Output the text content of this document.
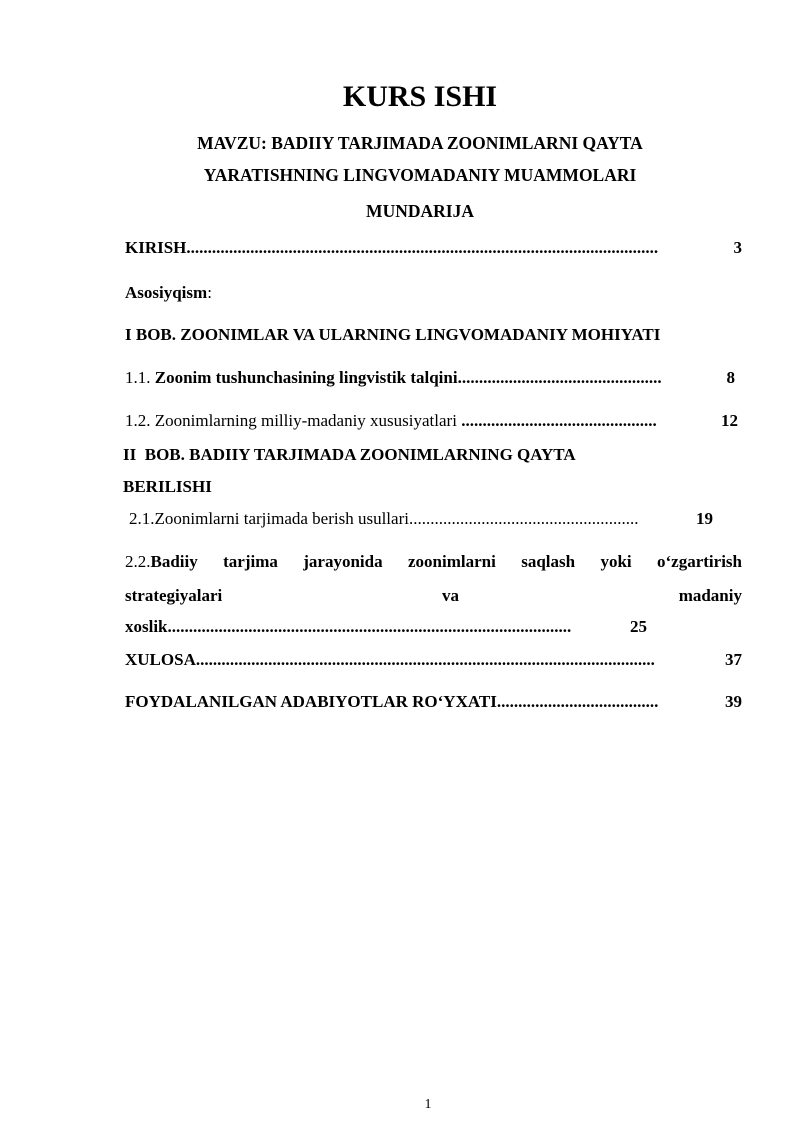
KURS ISHI
MAVZU: BADIIY TARJIMADA ZOONIMLARNI QAYTA
YARATISHNING LINGVOMADANIY MUAMMOLARI
MUNDARIJA
KIRISH ...............................................................................................................	3
Asosiyqism:
I BOB. ZOONIMLAR VA ULARNING LINGVOMADANIY MOHIYATI
1.1. Zoonim tushunchasining lingvistik talqini ................................................	8
1.2. Zoonimlarning milliy-madaniy xususiyatlari ..............................................	12
II  BOB. BADIIY TARJIMADA ZOONIMLARNING QAYTA
BERILISHI
2.1.Zoonimlarni tarjimada berish usullari ......................................................	19
2.2.Badiiy tarjima jarayonida zoonimlarni saqlash yoki o‘zgartirish
strategiyalari	va	madaniy
xoslik ...............................................................................................	25
XULOSA ............................................................................................................	37
FOYDALANILGAN ADABIYOTLAR RO‘YXATI ......................................	39
1
